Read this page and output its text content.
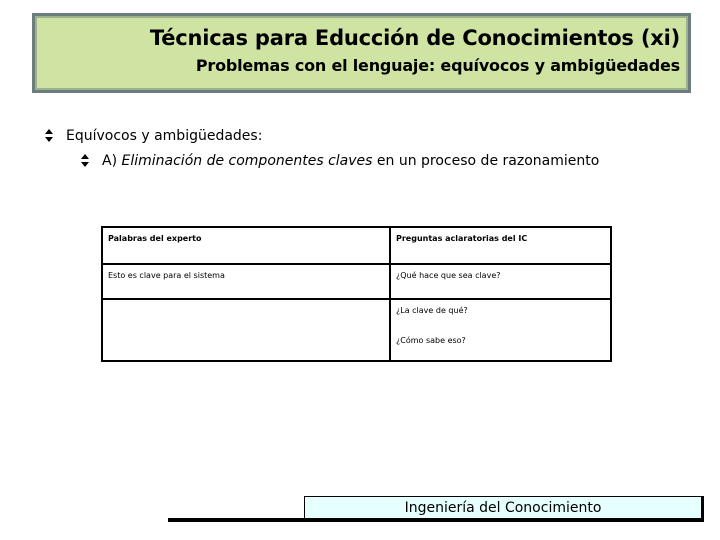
Técnicas para Educción de Conocimientos (xi)
Problemas con el lenguaje: equívocos y ambigüedades
Equívocos y ambigüedades:
A) Eliminación de componentes claves en un proceso de razonamiento
Palabras del experto	Preguntas aclaratorias del IC
Esto es clave para el sistema	¿Qué hace que sea clave?
¿La clave de qué?
¿Cómo sabe eso?
Ingeniería del Conocimiento
